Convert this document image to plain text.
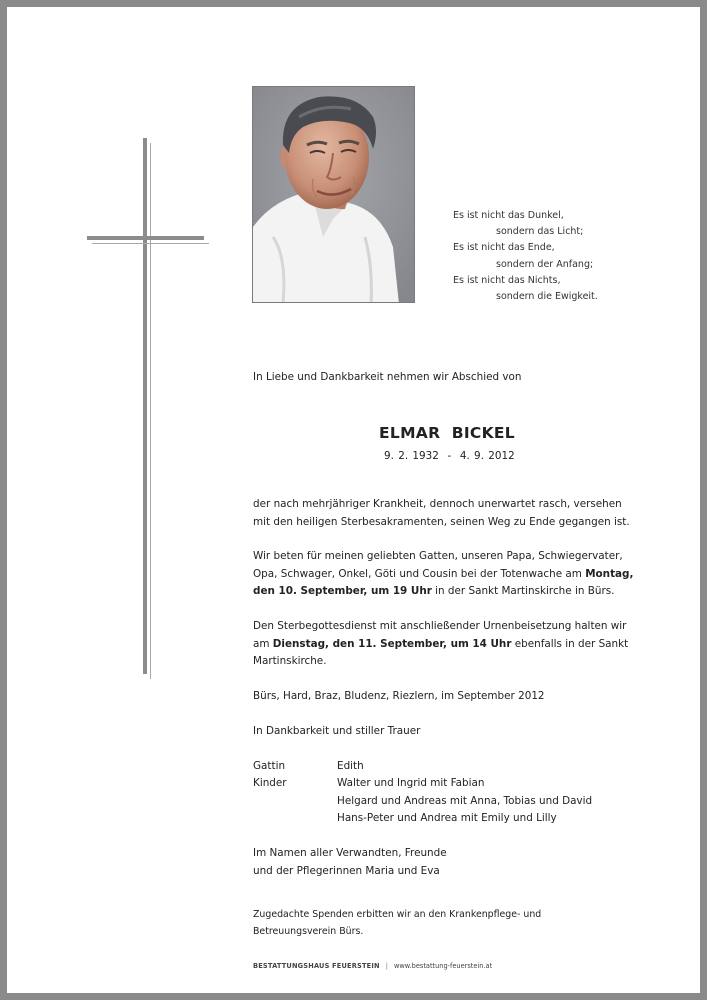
Es ist nicht das Dunkel,
sondern das Licht;
Es ist nicht das Ende,
sondern der Anfang;
Es ist nicht das Nichts,
sondern die Ewigkeit.
In Liebe und Dankbarkeit nehmen wir Abschied von
ELMAR  BICKEL
9. 2. 1932  -  4. 9. 2012
der nach mehrjähriger Krankheit, dennoch unerwartet rasch, versehen
mit den heiligen Sterbesakramenten, seinen Weg zu Ende gegangen ist.
Wir beten für meinen geliebten Gatten, unseren Papa, Schwiegervater,
Opa, Schwager, Onkel, Göti und Cousin bei der Totenwache am Montag,
den 10. September, um 19 Uhr in der Sankt Martinskirche in Bürs.
Den Sterbegottesdienst mit anschließender Urnenbeisetzung halten wir
am Dienstag, den 11. September, um 14 Uhr ebenfalls in der Sankt
Martinskirche.
Bürs, Hard, Braz, Bludenz, Riezlern, im September 2012
In Dankbarkeit und stiller Trauer
Gattin	Edith
Kinder	Walter und Ingrid mit Fabian
Helgard und Andreas mit Anna, Tobias und David
Hans-Peter und Andrea mit Emily und Lilly
Im Namen aller Verwandten, Freunde
und der Pflegerinnen Maria und Eva
Zugedachte Spenden erbitten wir an den Krankenpflege- und
Betreuungsverein Bürs.
BESTATTUNGSHAUS FEUERSTEIN | www.bestattung-feuerstein.at
